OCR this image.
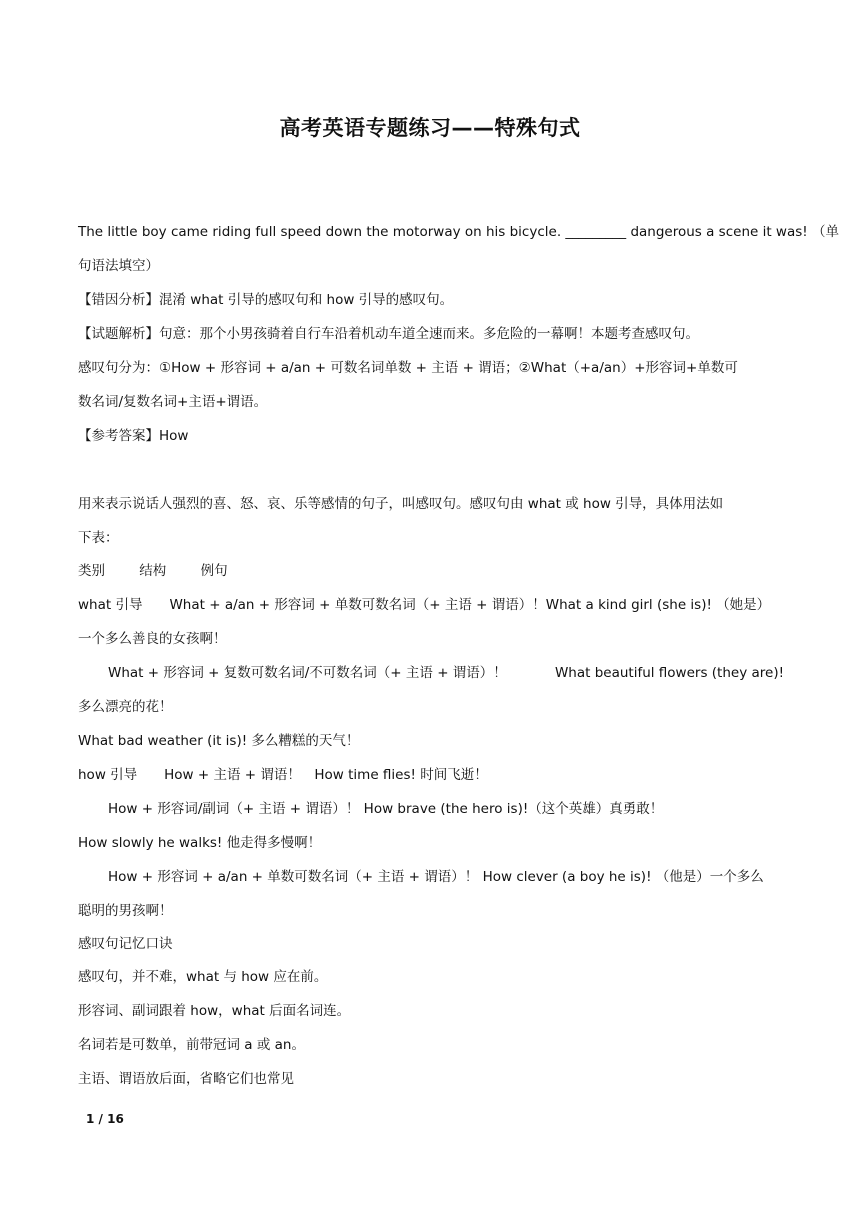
高考英语专题练习——特殊句式
The little boy came riding full speed down the motorway on his bicycle. _________ dangerous a scene it was! （单
句语法填空）
【错因分析】混淆 what 引导的感叹句和 how 引导的感叹句。
【试题解析】句意：那个小男孩骑着自行车沿着机动车道全速而来。多危险的一幕啊！本题考查感叹句。
感叹句分为：①How + 形容词 + a/an + 可数名词单数 + 主语 + 谓语；②What（+a/an）+形容词+单数可
数名词/复数名词+主语+谓语。
【参考答案】How
用来表示说话人强烈的喜、怒、哀、乐等感情的句子，叫感叹句。感叹句由 what 或 how 引导，具体用法如
下表：
类别	结构	例句
what 引导　　What + a/an + 形容词 + 单数可数名词（+ 主语 + 谓语）！What a kind girl (she is)! （她是）
一个多么善良的女孩啊！
What + 形容词 + 复数可数名词/不可数名词（+ 主语 + 谓语）！	What beautiful flowers (they are)!
多么漂亮的花！
What bad weather (it is)! 多么糟糕的天气！
how 引导　　How + 主语 + 谓语！　How time flies! 时间飞逝！
How + 形容词/副词（+ 主语 + 谓语）！ How brave (the hero is)!（这个英雄）真勇敢！
How slowly he walks! 他走得多慢啊！
How + 形容词 + a/an + 单数可数名词（+ 主语 + 谓语）！ How clever (a boy he is)! （他是）一个多么
聪明的男孩啊！
感叹句记忆口诀
感叹句，并不难，what 与 how 应在前。
形容词、副词跟着 how，what 后面名词连。
名词若是可数单，前带冠词 a 或 an。
主语、谓语放后面，省略它们也常见
1 / 16
